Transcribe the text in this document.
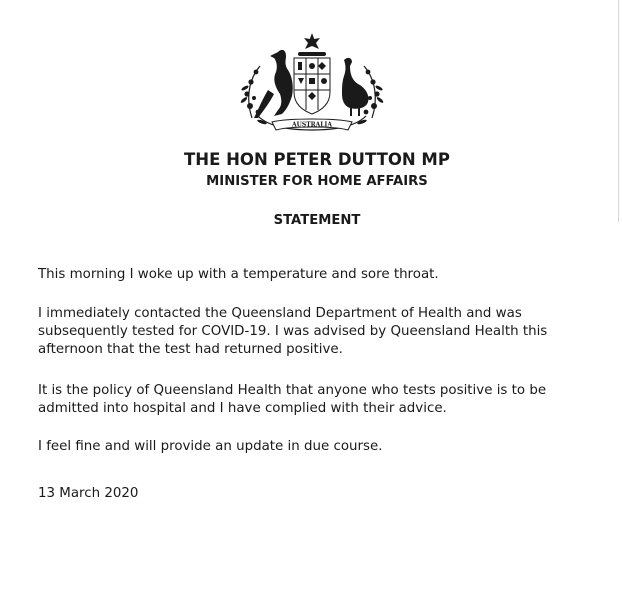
AUSTRALIA
THE HON PETER DUTTON MP
MINISTER FOR HOME AFFAIRS
STATEMENT

This morning I woke up with a temperature and sore throat.

I immediately contacted the Queensland Department of Health and was subsequently tested for COVID-19. I was advised by Queensland Health this afternoon that the test had returned positive.

It is the policy of Queensland Health that anyone who tests positive is to be admitted into hospital and I have complied with their advice.

I feel fine and will provide an update in due course.

13 March 2020
